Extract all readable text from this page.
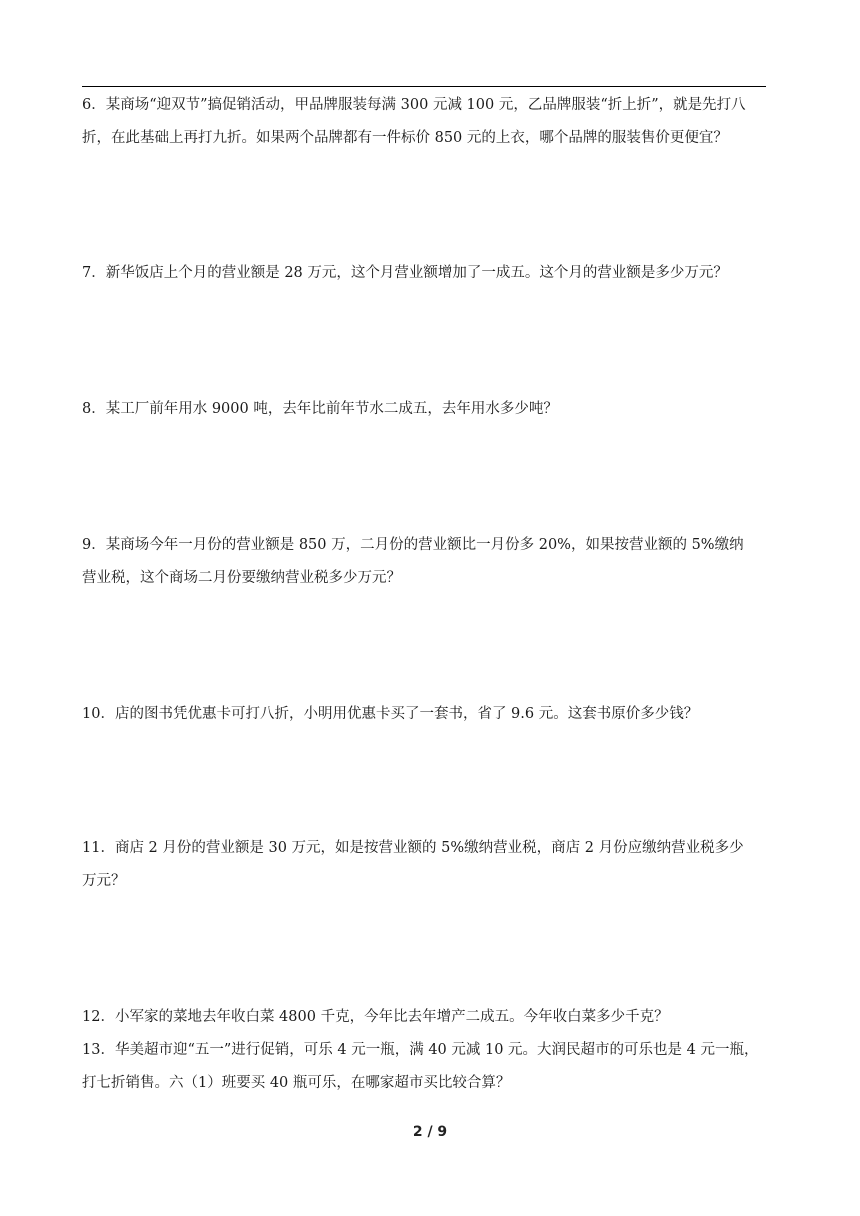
6．某商场“迎双节”搞促销活动，甲品牌服装每满 300 元减 100 元，乙品牌服装“折上折”，就是先打八
折，在此基础上再打九折。如果两个品牌都有一件标价 850 元的上衣，哪个品牌的服装售价更便宜？
7．新华饭店上个月的营业额是 28 万元，这个月营业额增加了一成五。这个月的营业额是多少万元？
8．某工厂前年用水 9000 吨，去年比前年节水二成五，去年用水多少吨？
9．某商场今年一月份的营业额是 850 万，二月份的营业额比一月份多 20%，如果按营业额的 5%缴纳
营业税，这个商场二月份要缴纳营业税多少万元？
10．店的图书凭优惠卡可打八折，小明用优惠卡买了一套书，省了 9.6 元。这套书原价多少钱？
11．商店 2 月份的营业额是 30 万元，如是按营业额的 5%缴纳营业税，商店 2 月份应缴纳营业税多少
万元？
12．小军家的菜地去年收白菜 4800 千克，今年比去年增产二成五。今年收白菜多少千克？
13．华美超市迎“五一”进行促销，可乐 4 元一瓶，满 40 元减 10 元。大润民超市的可乐也是 4 元一瓶，
打七折销售。六（1）班要买 40 瓶可乐，在哪家超市买比较合算？
2 / 9
